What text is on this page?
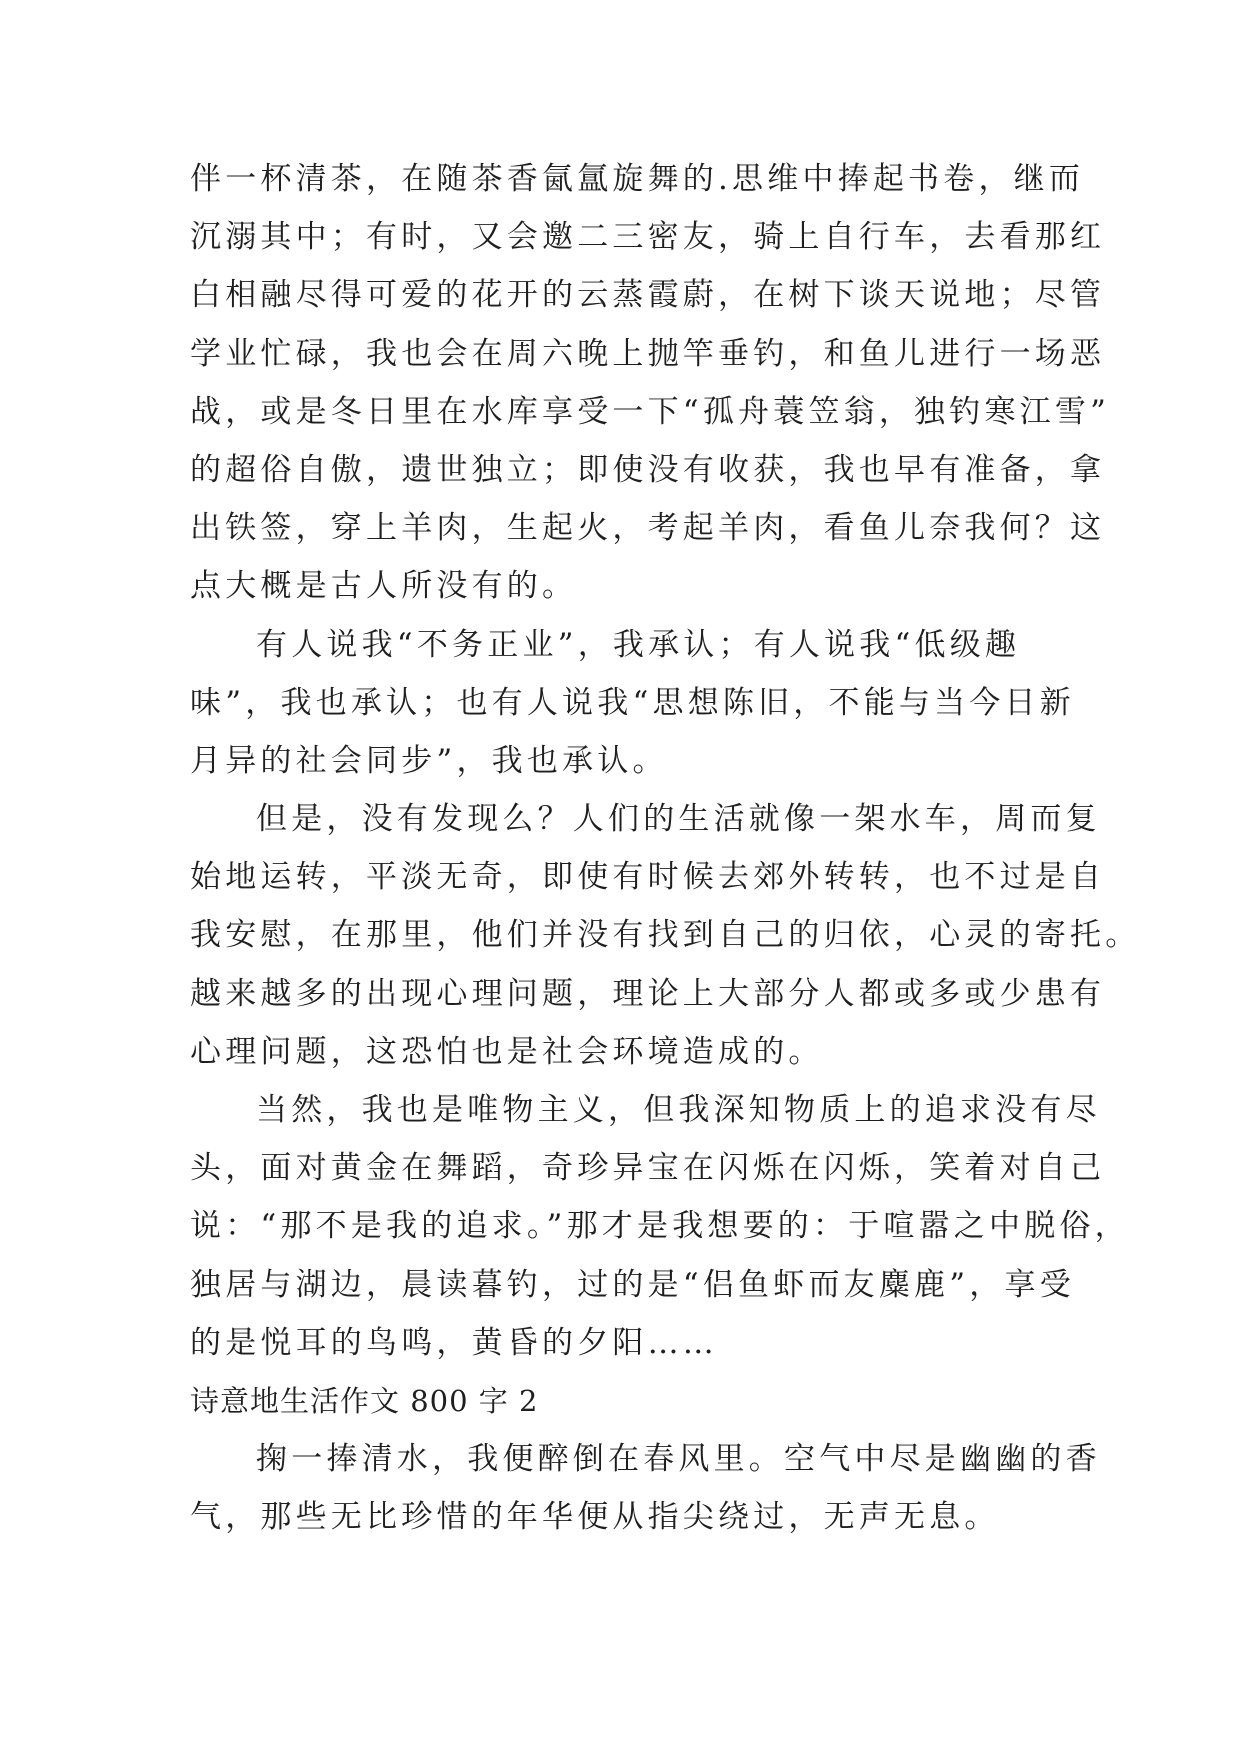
伴一杯清茶，在随茶香氤氲旋舞的.思维中捧起书卷，继而
沉溺其中；有时，又会邀二三密友，骑上自行车，去看那红
白相融尽得可爱的花开的云蒸霞蔚，在树下谈天说地；尽管
学业忙碌，我也会在周六晚上抛竿垂钓，和鱼儿进行一场恶
战，或是冬日里在水库享受一下“孤舟蓑笠翁，独钓寒江雪”
的超俗自傲，遗世独立；即使没有收获，我也早有准备，拿
出铁签，穿上羊肉，生起火，考起羊肉，看鱼儿奈我何？这
点大概是古人所没有的。
有人说我“不务正业”，我承认；有人说我“低级趣
味”，我也承认；也有人说我“思想陈旧，不能与当今日新
月异的社会同步”，我也承认。
但是，没有发现么？人们的生活就像一架水车，周而复
始地运转，平淡无奇，即使有时候去郊外转转，也不过是自
我安慰，在那里，他们并没有找到自己的归依，心灵的寄托。
越来越多的出现心理问题，理论上大部分人都或多或少患有
心理问题，这恐怕也是社会环境造成的。
当然，我也是唯物主义，但我深知物质上的追求没有尽
头，面对黄金在舞蹈，奇珍异宝在闪烁在闪烁，笑着对自己
说：“那不是我的追求。”那才是我想要的：于喧嚣之中脱俗，
独居与湖边，晨读暮钓，过的是“侣鱼虾而友麋鹿”，享受
的是悦耳的鸟鸣，黄昏的夕阳……
诗意地生活作文 800 字 2
掬一捧清水，我便醉倒在春风里。空气中尽是幽幽的香
气，那些无比珍惜的年华便从指尖绕过，无声无息。
